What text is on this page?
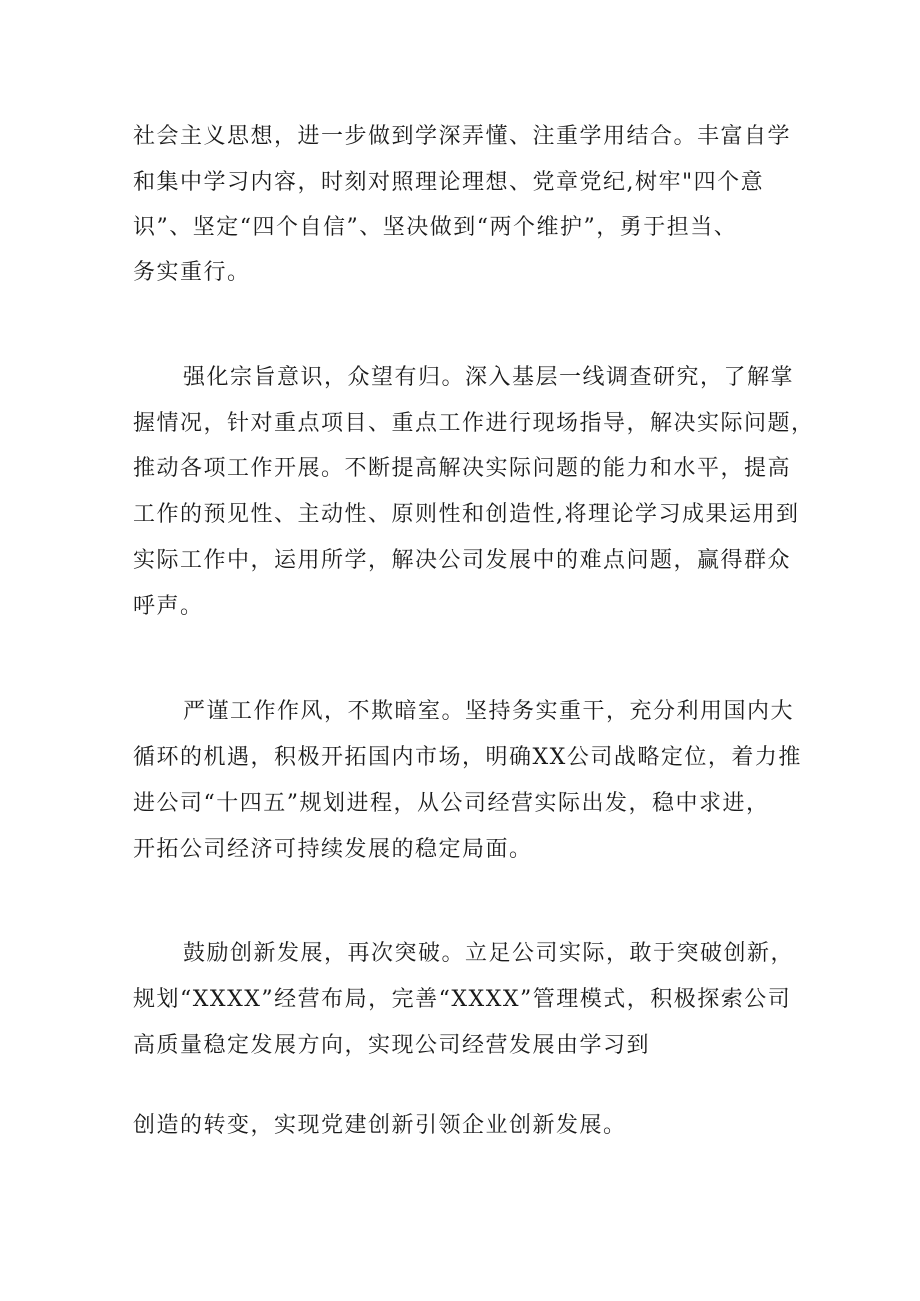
社会主义思想，进一步做到学深弄懂、注重学用结合。丰富自学

和集中学习内容，时刻对照理论理想、党章党纪,树牢"四个意

识”、坚定“四个自信”、坚决做到“两个维护”，勇于担当、

务实重行。

强化宗旨意识，众望有归。深入基层一线调查研究，了解掌

握情况，针对重点项目、重点工作进行现场指导，解决实际问题，

推动各项工作开展。不断提高解决实际问题的能力和水平，提高

工作的预见性、主动性、原则性和创造性,将理论学习成果运用到

实际工作中，运用所学，解决公司发展中的难点问题，赢得群众

呼声。

严谨工作作风，不欺暗室。坚持务实重干，充分利用国内大

循环的机遇，积极开拓国内市场，明确XX公司战略定位，着力推

进公司“十四五”规划进程，从公司经营实际出发，稳中求进，

开拓公司经济可持续发展的稳定局面。

鼓励创新发展，再次突破。立足公司实际，敢于突破创新，

规划“XXXX”经营布局，完善“XXXX”管理模式，积极探索公司

高质量稳定发展方向，实现公司经营发展由学习到

创造的转变，实现党建创新引领企业创新发展。
